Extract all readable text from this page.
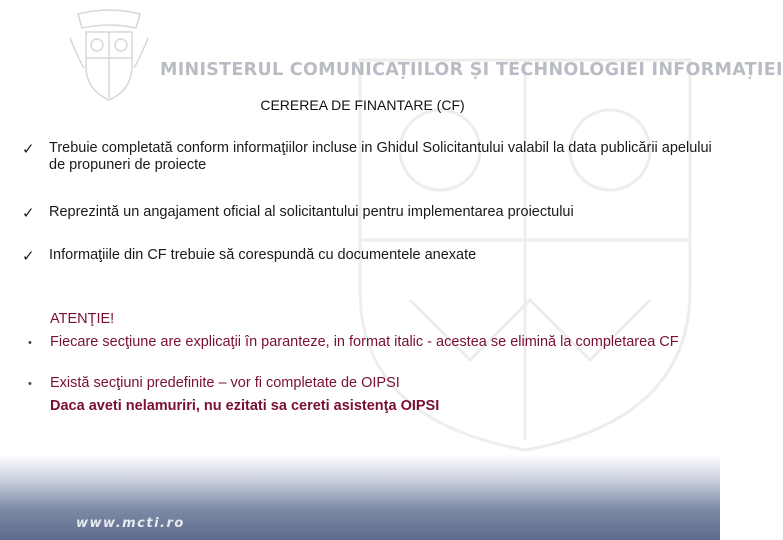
MINISTERUL COMUNICAȚIILOR ȘI TECHNOLOGIEI INFORMAȚIEI
CEREREA DE FINANTARE (CF)
✓ Trebuie completată conform informaţiilor incluse in Ghidul Solicitantului valabil la data publicării apelului de propuneri de proiecte
✓ Reprezintă un angajament oficial al solicitantului pentru implementarea proiectului
✓ Informaţiile din CF trebuie să corespundă cu documentele anexate
ATENŢIE!
• Fiecare secţiune are explicaţii în paranteze, in format italic - acestea se elimină la completarea CF
• Există secţiuni predefinite – vor fi completate de OIPSI
Daca aveti nelamuriri, nu ezitati sa cereti asistenţa OIPSI
www.mcti.ro
